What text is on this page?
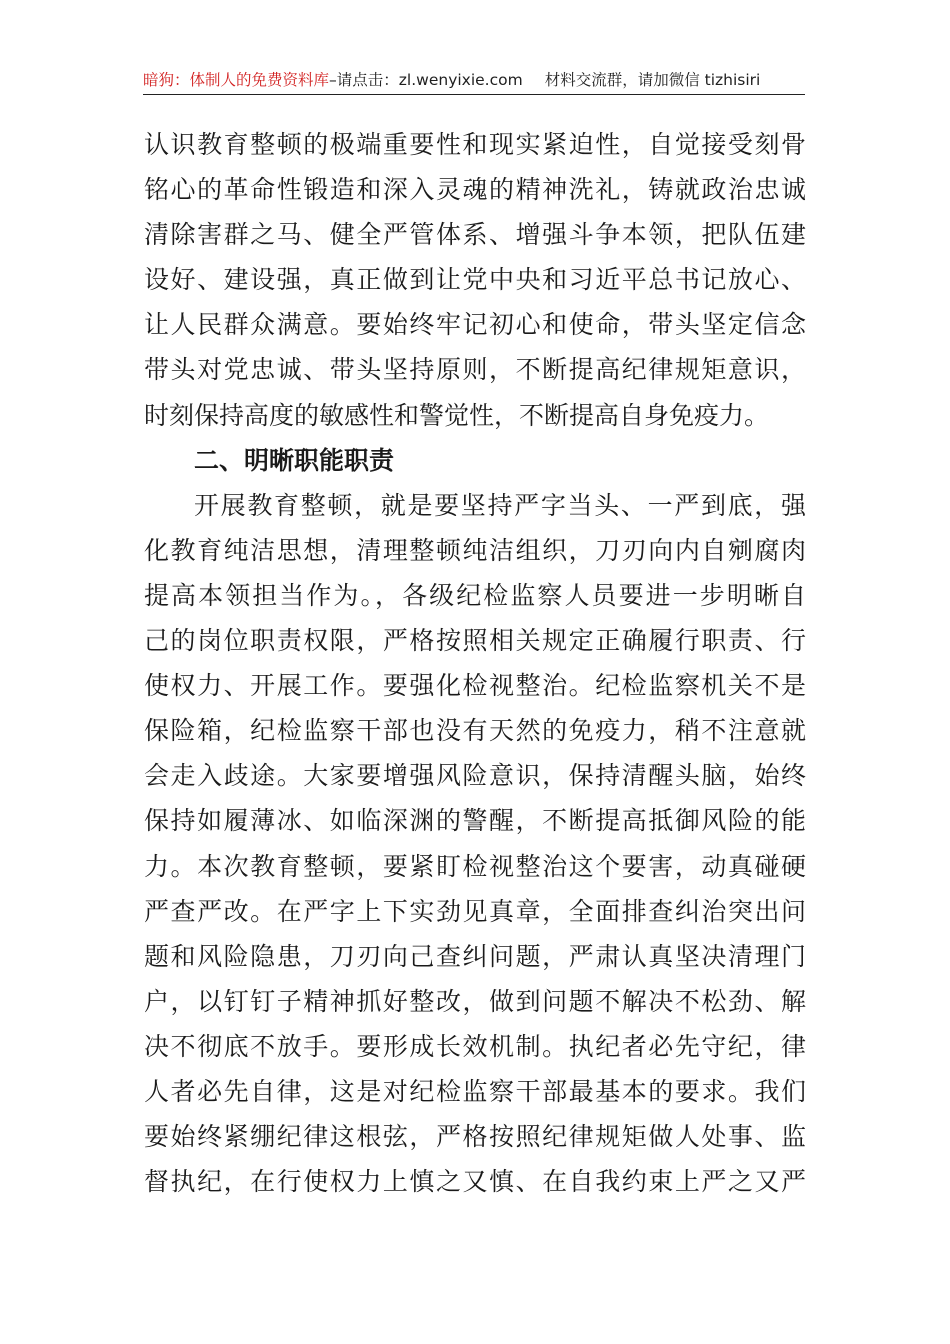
暗狗：体制人的免费资料库–请点击：zl.wenyixie.com 材料交流群，请加微信 tizhisiri
认识教育整顿的极端重要性和现实紧迫性，自觉接受刻骨
铭心的革命性锻造和深入灵魂的精神洗礼，铸就政治忠诚
清除害群之马、健全严管体系、增强斗争本领，把队伍建
设好、建设强，真正做到让党中央和习近平总书记放心、
让人民群众满意。要始终牢记初心和使命，带头坚定信念
带头对党忠诚、带头坚持原则，不断提高纪律规矩意识，
时刻保持高度的敏感性和警觉性，不断提高自身免疫力。
二、明晰职能职责
开展教育整顿，就是要坚持严字当头、一严到底，强
化教育纯洁思想，清理整顿纯洁组织，刀刃向内自剜腐肉
提高本领担当作为。，各级纪检监察人员要进一步明晰自
己的岗位职责权限，严格按照相关规定正确履行职责、行
使权力、开展工作。要强化检视整治。纪检监察机关不是
保险箱，纪检监察干部也没有天然的免疫力，稍不注意就
会走入歧途。大家要增强风险意识，保持清醒头脑，始终
保持如履薄冰、如临深渊的警醒，不断提高抵御风险的能
力。本次教育整顿，要紧盯检视整治这个要害，动真碰硬
严查严改。在严字上下实劲见真章，全面排查纠治突出问
题和风险隐患，刀刃向己查纠问题，严肃认真坚决清理门
户，以钉钉子精神抓好整改，做到问题不解决不松劲、解
决不彻底不放手。要形成长效机制。执纪者必先守纪，律
人者必先自律，这是对纪检监察干部最基本的要求。我们
要始终紧绷纪律这根弦，严格按照纪律规矩做人处事、监
督执纪，在行使权力上慎之又慎、在自我约束上严之又严
